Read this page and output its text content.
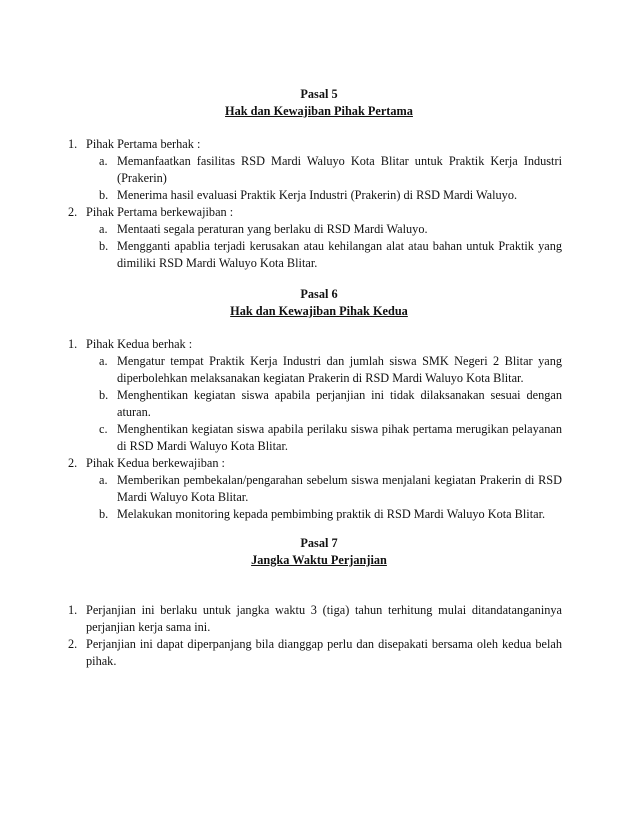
Pasal 5
Hak dan Kewajiban Pihak Pertama
1. Pihak Pertama berhak :
a. Memanfaatkan fasilitas RSD Mardi Waluyo Kota Blitar untuk Praktik Kerja Industri (Prakerin)
b. Menerima hasil evaluasi Praktik Kerja Industri (Prakerin) di RSD Mardi Waluyo.
2. Pihak Pertama berkewajiban :
a. Mentaati segala peraturan yang berlaku di RSD Mardi Waluyo.
b. Mengganti apablia terjadi kerusakan atau kehilangan alat atau bahan untuk Praktik yang dimiliki RSD Mardi Waluyo Kota Blitar.
Pasal 6
Hak dan Kewajiban Pihak Kedua
1. Pihak Kedua berhak :
a. Mengatur tempat Praktik Kerja Industri dan jumlah siswa SMK Negeri 2 Blitar yang diperbolehkan melaksanakan kegiatan Prakerin di RSD Mardi Waluyo Kota Blitar.
b. Menghentikan kegiatan siswa apabila perjanjian ini tidak dilaksanakan sesuai dengan aturan.
c. Menghentikan kegiatan siswa apabila perilaku siswa pihak pertama merugikan pelayanan di RSD Mardi Waluyo Kota Blitar.
2. Pihak Kedua berkewajiban :
a. Memberikan pembekalan/pengarahan sebelum siswa menjalani kegiatan Prakerin di RSD Mardi Waluyo Kota Blitar.
b. Melakukan monitoring kepada pembimbing praktik di RSD Mardi Waluyo Kota Blitar.
Pasal 7
Jangka Waktu Perjanjian
1. Perjanjian ini berlaku untuk jangka waktu 3 (tiga) tahun terhitung mulai ditandatanganinya perjanjian kerja sama ini.
2. Perjanjian ini dapat diperpanjang bila dianggap perlu dan disepakati bersama oleh kedua belah pihak.
